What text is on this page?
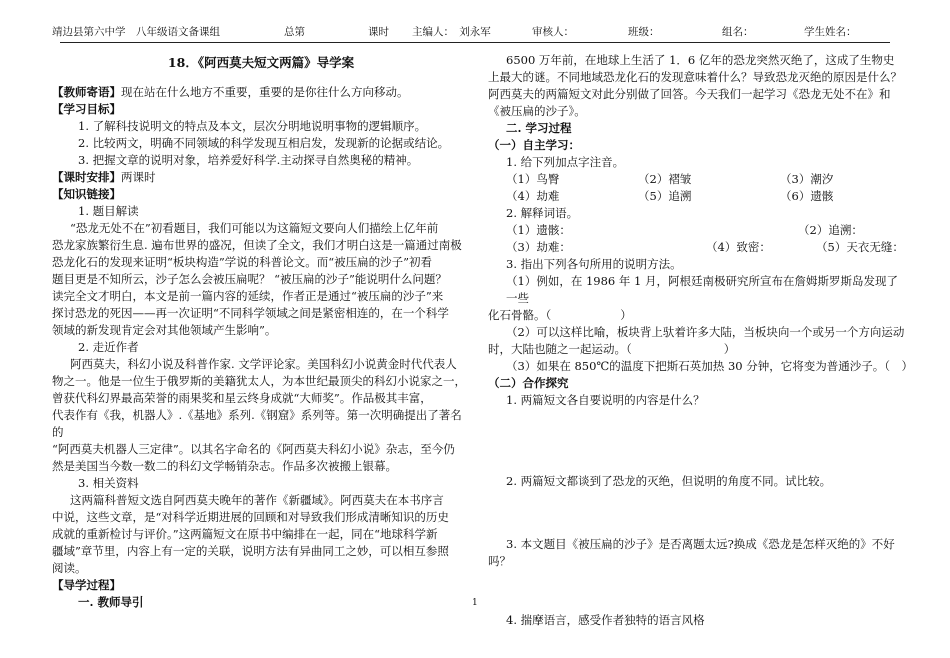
靖边县第六中学　八年级语文备课组	总第	课时 主编人：　刘永军	审核人：	班级：	组名：	学生姓名：
18．《阿西莫夫短文两篇》导学案

【教师寄语】现在站在什么地方不重要，重要的是你往什么方向移动。

【学习目标】

1. 了解科技说明文的特点及本文，层次分明地说明事物的逻辑顺序。

2. 比较两文，明确不同领域的科学发现互相启发，发现新的论据或结论。

3. 把握文章的说明对象，培养爱好科学.主动探寻自然奥秘的精神。

【课时安排】两课时

【知识链接】

1. 题目解读

“恐龙无处不在”初看题目，我们可能以为这篇短文要向人们描绘上亿年前

恐龙家族繁衍生息. 遍布世界的盛况，但读了全文，我们才明白这是一篇通过南极

恐龙化石的发现来证明“板块构造”学说的科普论文。而“被压扁的沙子”初看

题目更是不知所云，沙子怎么会被压扁呢？ “被压扁的沙子”能说明什么问题？

读完全文才明白，本文是前一篇内容的延续，作者正是通过“被压扁的沙子”来

探讨恐龙的死因——再一次证明“不同科学领域之间是紧密相连的，在一个科学

领域的新发现肯定会对其他领域产生影响”。

2. 走近作者

阿西莫夫，科幻小说及科普作家. 文学评论家。美国科幻小说黄金时代代表人

物之一。他是一位生于俄罗斯的美籍犹太人，为本世纪最顶尖的科幻小说家之一，

曾获代科幻界最高荣誉的雨果奖和星云终身成就“大师奖”。作品极其丰富，

代表作有《我，机器人》.《基地》系列.《钢窟》系列等。第一次明确提出了著名的

“阿西莫夫机器人三定律”。以其名字命名的《阿西莫夫科幻小说》杂志，至今仍

然是美国当今数一数二的科幻文学畅销杂志。作品多次被搬上银幕。

3. 相关资料

这两篇科普短文选自阿西莫夫晚年的著作《新疆域》。阿西莫夫在本书序言

中说，这些文章，是“对科学近期进展的回顾和对导致我们形成清晰知识的历史

成就的重新检讨与评价。”这两篇短文在原书中编排在一起，同在“地球科学新

疆域”章节里，内容上有一定的关联，说明方法有异曲同工之妙，可以相互参照

阅读。

【导学过程】

一. 教师导引

6500 万年前，在地球上生活了 1．6 亿年的恐龙突然灭绝了，这成了生物史

上最大的谜。不同地域恐龙化石的发现意味着什么？导致恐龙灭绝的原因是什么？

阿西莫夫的两篇短文对此分别做了回答。今天我们一起学习《恐龙无处不在》和

《被压扁的沙子》。

二. 学习过程

（一）自主学习：

1. 给下列加点字注音。

（1）鸟臀	（2）褶皱	（3）潮汐
（4）劫难	（5）追溯	（6）遗骸

2. 解释词语。

（1）遗骸：	（2）追溯：
（3）劫难：	（4）致密：	（5）天衣无缝：

3. 指出下列各句所用的说明方法。

（1）例如，在 1986 年 1 月，阿根廷南极研究所宣布在詹姆斯罗斯岛发现了一些

化石骨骼。（　　　　　　）

（2）可以这样比喻，板块背上驮着许多大陆，当板块向一个或另一个方向运动

时，大陆也随之一起运动。（　　　　　　　　）

（3）如果在 850℃的温度下把斯石英加热 30 分钟，它将变为普通沙子。（　）

（二）合作探究

1. 两篇短文各自要说明的内容是什么？

2. 两篇短文都谈到了恐龙的灭绝，但说明的角度不同。试比较。

3. 本文题目《被压扁的沙子》是否离题太远?换成《恐龙是怎样灭绝的》不好

吗？

4. 揣摩语言，感受作者独特的语言风格

1
